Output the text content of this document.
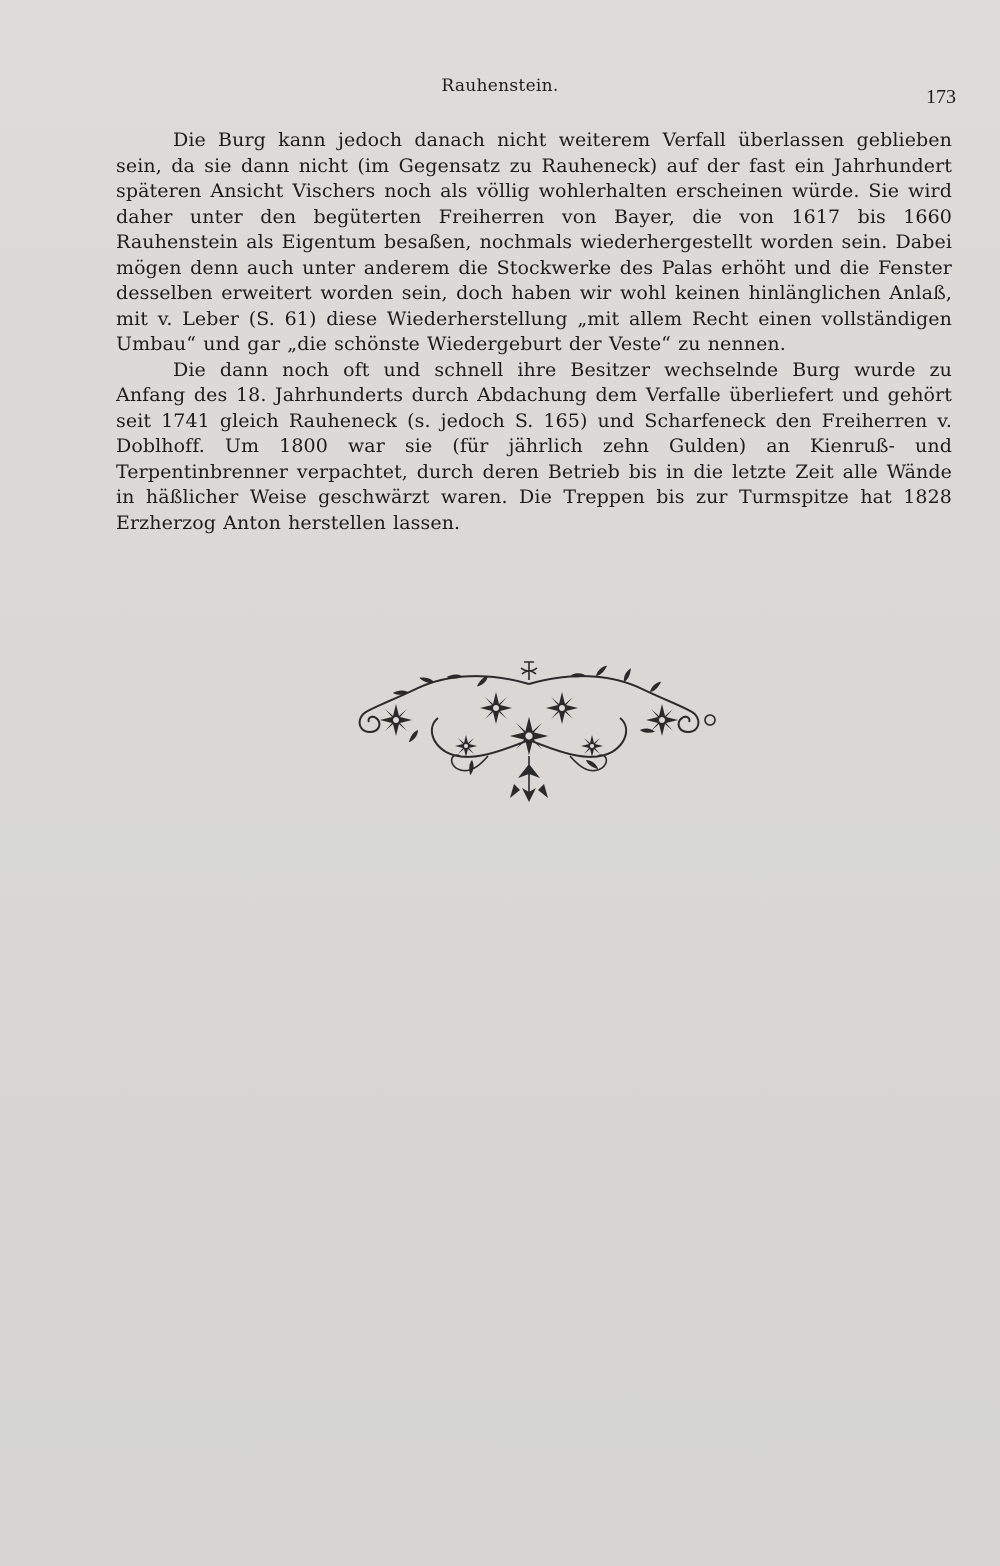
Rauhenstein.	173

Die Burg kann jedoch danach nicht weiterem Verfall überlassen geblieben sein, da sie dann nicht (im Gegensatz zu Rauheneck) auf der fast ein Jahrhundert späteren Ansicht Vischers noch als völlig wohlerhalten erscheinen würde. Sie wird daher unter den begüterten Freiherren von Bayer, die von 1617 bis 1660 Rauhenstein als Eigentum besaßen, nochmals wiederhergestellt worden sein. Dabei mögen denn auch unter anderem die Stockwerke des Palas erhöht und die Fenster desselben erweitert worden sein, doch haben wir wohl keinen hinlänglichen Anlaß, mit v. Leber (S. 61) diese Wiederherstellung „mit allem Recht einen vollständigen Umbau“ und gar „die schönste Wiedergeburt der Veste“ zu nennen.

Die dann noch oft und schnell ihre Besitzer wechselnde Burg wurde zu Anfang des 18. Jahrhunderts durch Abdachung dem Verfalle überliefert und gehört seit 1741 gleich Rauheneck (s. jedoch S. 165) und Scharfeneck den Freiherren v. Doblhoff. Um 1800 war sie (für jährlich zehn Gulden) an Kienruß- und Terpentinbrenner verpachtet, durch deren Betrieb bis in die letzte Zeit alle Wände in häßlicher Weise geschwärzt waren. Die Treppen bis zur Turmspitze hat 1828 Erzherzog Anton herstellen lassen.
